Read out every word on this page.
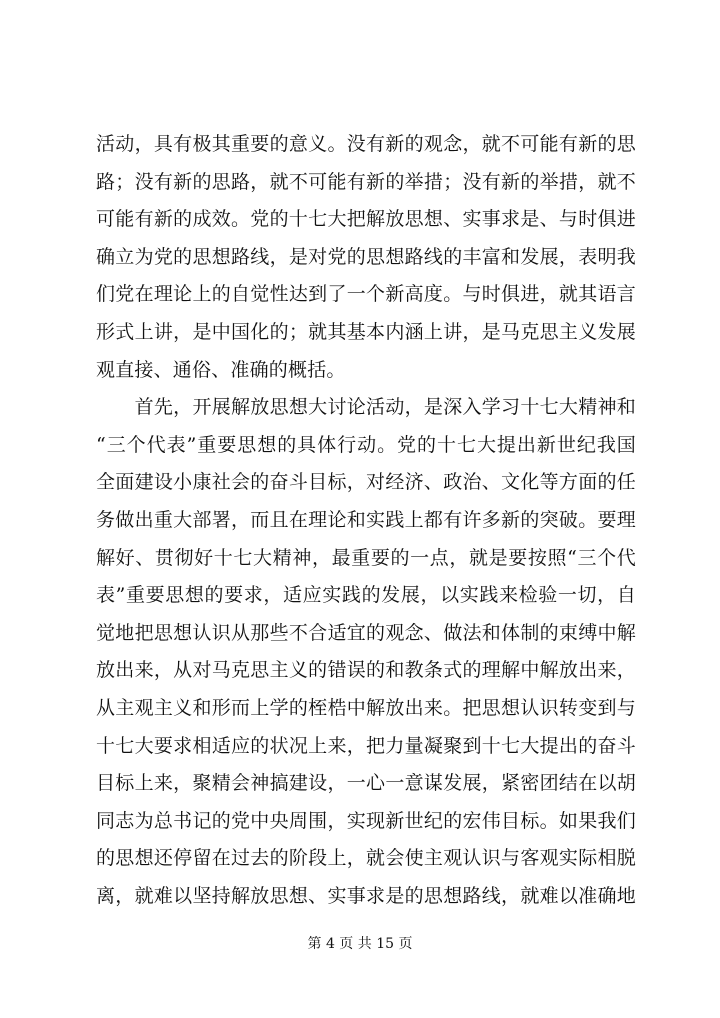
活动，具有极其重要的意义。没有新的观念，就不可能有新的思
路；没有新的思路，就不可能有新的举措；没有新的举措，就不
可能有新的成效。党的十七大把解放思想、实事求是、与时俱进
确立为党的思想路线，是对党的思想路线的丰富和发展，表明我
们党在理论上的自觉性达到了一个新高度。与时俱进，就其语言
形式上讲，是中国化的；就其基本内涵上讲，是马克思主义发展
观直接、通俗、准确的概括。
　　首先，开展解放思想大讨论活动，是深入学习十七大精神和
“三个代表”重要思想的具体行动。党的十七大提出新世纪我国
全面建设小康社会的奋斗目标，对经济、政治、文化等方面的任
务做出重大部署，而且在理论和实践上都有许多新的突破。要理
解好、贯彻好十七大精神，最重要的一点，就是要按照“三个代
表”重要思想的要求，适应实践的发展，以实践来检验一切，自
觉地把思想认识从那些不合适宜的观念、做法和体制的束缚中解
放出来，从对马克思主义的错误的和教条式的理解中解放出来，
从主观主义和形而上学的桎梏中解放出来。把思想认识转变到与
十七大要求相适应的状况上来，把力量凝聚到十七大提出的奋斗
目标上来，聚精会神搞建设，一心一意谋发展，紧密团结在以胡
同志为总书记的党中央周围，实现新世纪的宏伟目标。如果我们
的思想还停留在过去的阶段上，就会使主观认识与客观实际相脱
离，就难以坚持解放思想、实事求是的思想路线，就难以准确地
第 4 页 共 15 页
